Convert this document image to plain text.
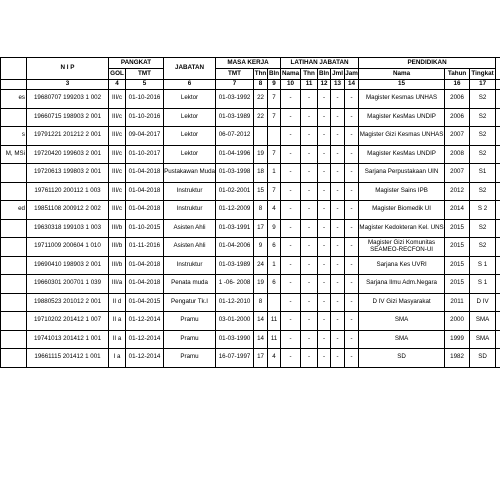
	N I P	PANGKAT		JABATAN	MASA KERJA			LATIHAN JABATAN					PENDIDIKAN			
		GOL	TMT		TMT	Thn	Bln	Nama	Thn	Bln	Jml	Jam	Nama	Tahun	Tingkat	
	3	4	5	6	7	8	9	10	11	12	13	14	15	16	17	
es	19680707 199203 1 002	III/c	01-10-2016	Lektor	01-03-1992	22	7	-	-	-	-	-	Magister Kesmas UNHAS	2006	S2	
	19660715 198903 2 001	III/c	01-10-2016	Lektor	01-03-1989	22	7	-	-	-	-	-	Magister KesMas UNDIP	2006	S2	
s	19791221 201212 2 001	III/c	09-04-2017	Lektor	06-07-2012			-	-	-	-	-	Magister Gizi Kesmas UNHAS	2007	S2	
M, MSi	19720420 199603 2 001	III/c	01-10-2017	Lektor	01-04-1996	19	7	-	-	-	-	-	Magister KesMas UNDIP	2008	S2	
	19720613 199803 2 001	III/c	01-04-2018	Pustakawan Muda	01-03-1998	18	1	-	-	-	-	-	Sarjana Perpustakaan UIN	2007	S1	
	19761120 200112 1 003	III/c	01-04-2018	Instruktur	01-02-2001	15	7	-	-	-	-	-	Magister Sains IPB	2012	S2	
ed	19851108 200912 2 002	III/c	01-04-2018	Instruktur	01-12-2009	8	4	-	-	-	-	-	Magister Biomedik UI	2014	S 2	
	19630318 199103 1 003	III/b	01-10-2015	Asisten Ahli	01-03-1991	17	9	-	-	-	-	-	Magister Kedokteran Kel. UNS	2015	S2	
	19711009 200604 1 010	III/b	01-11-2016	Asisten Ahli	01-04-2006	9	6	-	-	-	-	-	Magister Gizi Komunitas SEAMEO-RECFON-UI	2015	S2	
	19690410 198903 2 001	III/b	01-04-2018	Instruktur	01-03-1989	24	1	-	-	-	-	-	Sarjana Kes UVRI	2015	S 1	
	19660301 200701 1 039	III/a	01-04-2018	Penata muda	1 -06- 2008	19	6	-	-	-	-	-	Sarjana Ilmu Adm.Negara	2015	S 1	
	19880523 201012 2 001	II d	01-04-2015	Pengatur Tk.I	01-12-2010	8		-	-	-	-	-	D IV Gizi Masyarakat	2011	D IV	
	19710202 201412 1 007	II a	01-12-2014	Pramu	03-01-2000	14	11	-	-	-	-	-	SMA	2000	SMA	
	19741013 201412 1 001	II a	01-12-2014	Pramu	01-03-1990	14	11	-	-	-	-	-	SMA	1999	SMA	
	19661115 201412 1 001	I a	01-12-2014	Pramu	16-07-1997	17	4	-	-	-	-	-	SD	1982	SD	
